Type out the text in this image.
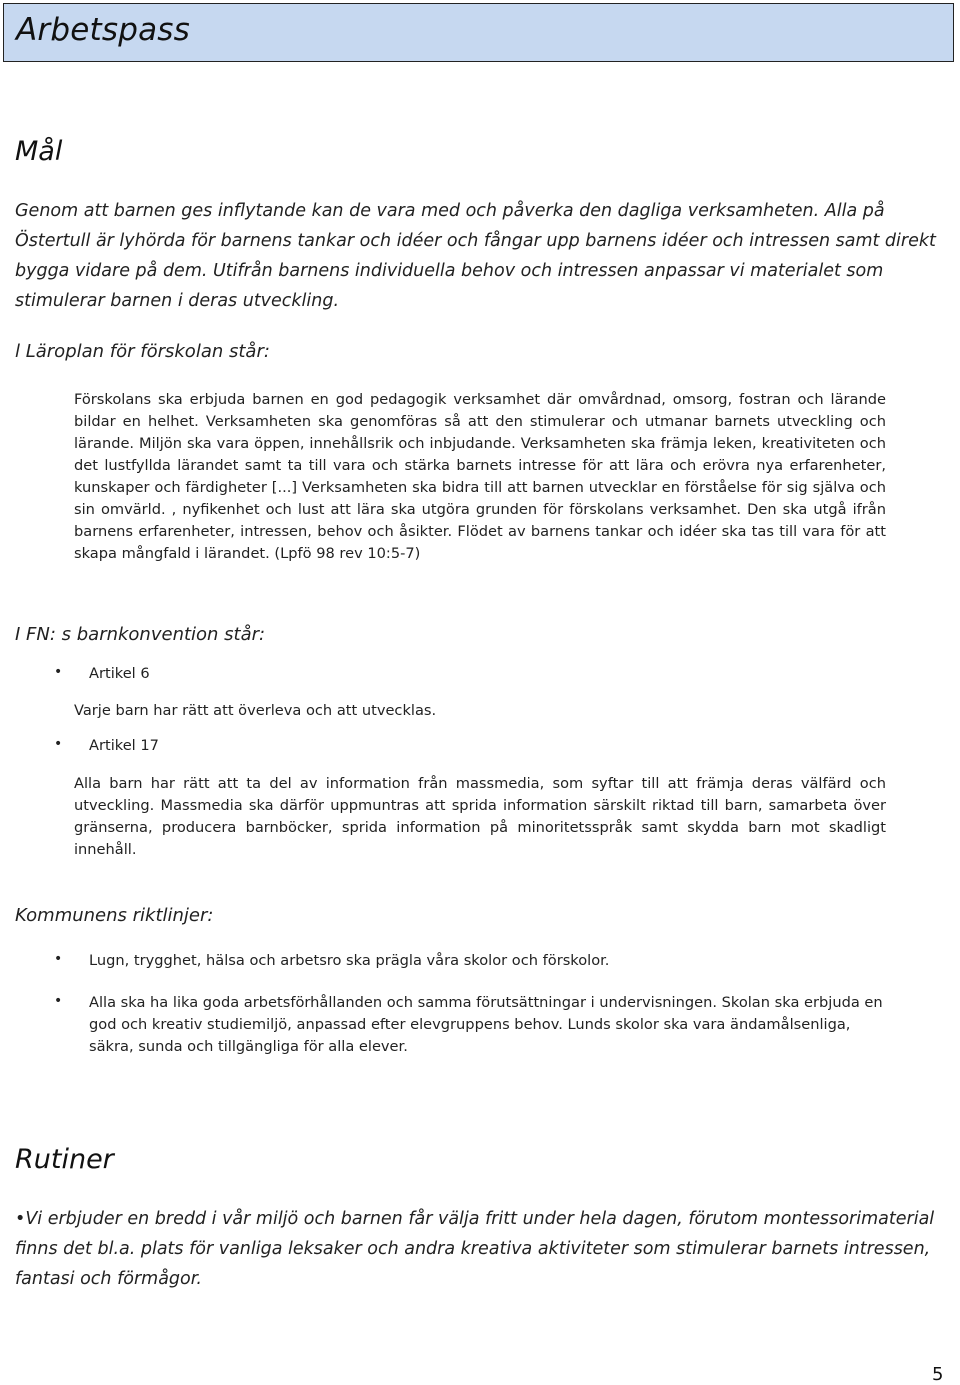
Arbetspass
Mål
Genom att barnen ges inflytande kan de vara med och påverka den dagliga verksamheten. Alla på Östertull är lyhörda för barnens tankar och idéer och fångar upp barnens idéer och intressen samt direkt bygga vidare på dem. Utifrån barnens individuella behov och intressen anpassar vi materialet som stimulerar barnen i deras utveckling.
l Läroplan för förskolan står:
Förskolans ska erbjuda barnen en god pedagogik verksamhet där omvårdnad, omsorg, fostran och lärande bildar en helhet. Verksamheten ska genomföras så att den stimulerar och utmanar barnets utveckling och lärande. Miljön ska vara öppen, innehållsrik och inbjudande. Verksamheten ska främja leken, kreativiteten och det lustfyllda lärandet samt ta till vara och stärka barnets intresse för att lära och erövra nya erfarenheter, kunskaper och färdigheter [...] Verksamheten ska bidra till att barnen utvecklar en förståelse för sig själva och sin omvärld. , nyfikenhet och lust att lära ska utgöra grunden för förskolans verksamhet. Den ska utgå ifrån barnens erfarenheter, intressen, behov och åsikter. Flödet av barnens tankar och idéer ska tas till vara för att skapa mångfald i lärandet. (Lpfö 98 rev 10:5-7)
I FN: s barnkonvention står:
• Artikel 6
Varje barn har rätt att överleva och att utvecklas.
• Artikel 17
Alla barn har rätt att ta del av information från massmedia, som syftar till att främja deras välfärd och utveckling. Massmedia ska därför uppmuntras att sprida information särskilt riktad till barn, samarbeta över gränserna, producera barnböcker, sprida information på minoritetsspråk samt skydda barn mot skadligt innehåll.
Kommunens riktlinjer:
• Lugn, trygghet, hälsa och arbetsro ska prägla våra skolor och förskolor.
• Alla ska ha lika goda arbetsförhållanden och samma förutsättningar i undervisningen. Skolan ska erbjuda en god och kreativ studiemiljö, anpassad efter elevgruppens behov. Lunds skolor ska vara ändamålsenliga, säkra, sunda och tillgängliga för alla elever.
Rutiner
•Vi erbjuder en bredd i vår miljö och barnen får välja fritt under hela dagen, förutom montessorimaterial finns det bl.a. plats för vanliga leksaker och andra kreativa aktiviteter som stimulerar barnets intressen, fantasi och förmågor.
5
